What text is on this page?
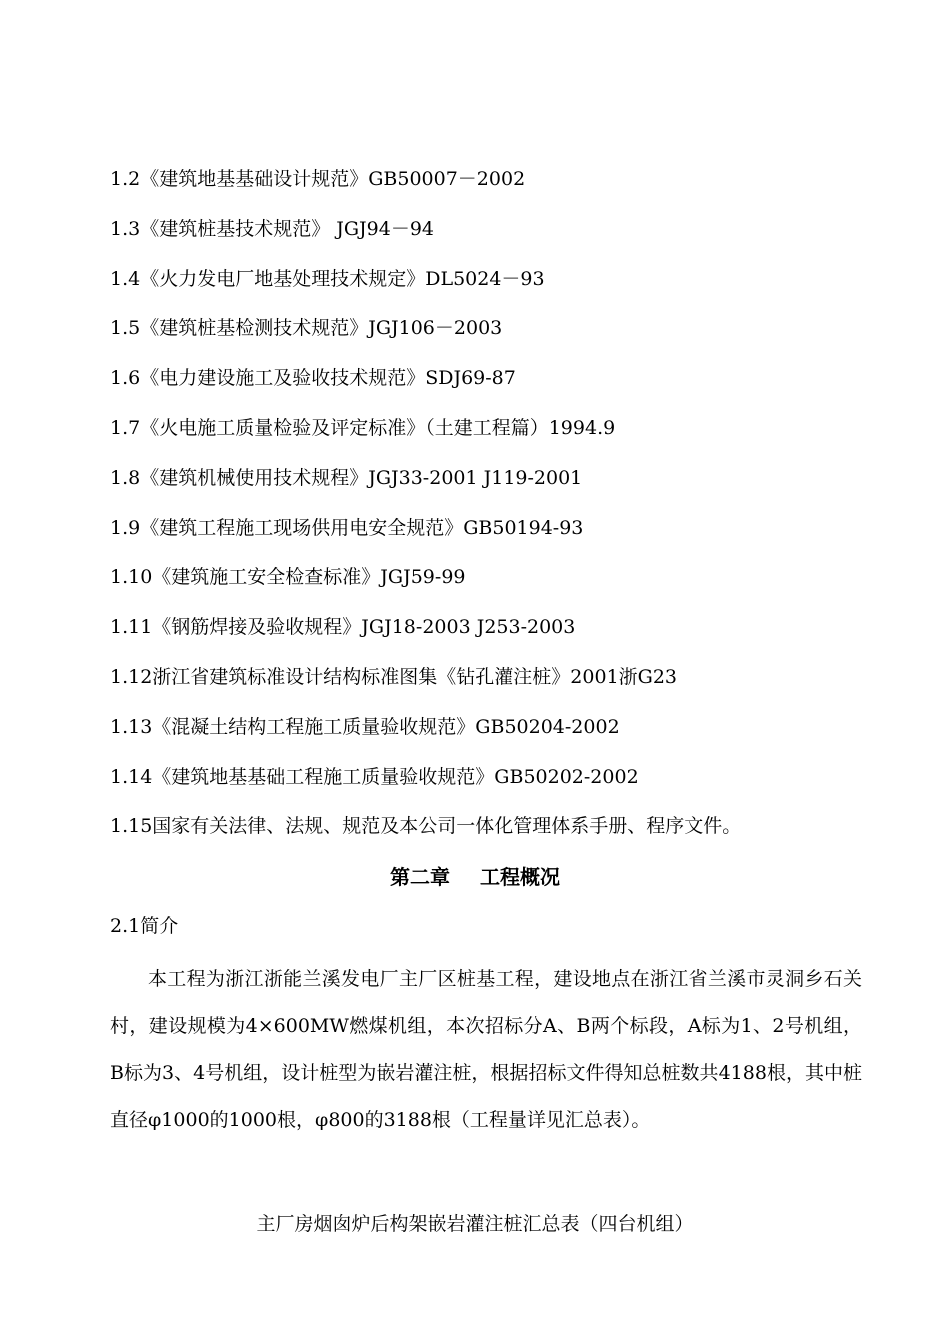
1.2《建筑地基基础设计规范》GB50007－2002
1.3《建筑桩基技术规范》 JGJ94－94
1.4《火力发电厂地基处理技术规定》DL5024－93
1.5《建筑桩基检测技术规范》JGJ106－2003
1.6《电力建设施工及验收技术规范》SDJ69-87
1.7《火电施工质量检验及评定标准》（土建工程篇）1994.9
1.8《建筑机械使用技术规程》JGJ33-2001 J119-2001
1.9《建筑工程施工现场供用电安全规范》GB50194-93
1.10《建筑施工安全检查标准》JGJ59-99
1.11《钢筋焊接及验收规程》JGJ18-2003 J253-2003
1.12浙江省建筑标准设计结构标准图集《钻孔灌注桩》2001浙G23
1.13《混凝土结构工程施工质量验收规范》GB50204-2002
1.14《建筑地基基础工程施工质量验收规范》GB50202-2002
1.15国家有关法律、法规、规范及本公司一体化管理体系手册、程序文件。
第二章 工程概况

2.1简介

本工程为浙江浙能兰溪发电厂主厂区桩基工程，建设地点在浙江省兰溪市灵洞乡石关村，建设规模为4×600MW燃煤机组，本次招标分A、B两个标段，A标为1、2号机组，B标为3、4号机组，设计桩型为嵌岩灌注桩，根据招标文件得知总桩数共4188根，其中桩直径φ1000的1000根，φ800的3188根（工程量详见汇总表）。

主厂房烟囱炉后构架嵌岩灌注桩汇总表（四台机组）
